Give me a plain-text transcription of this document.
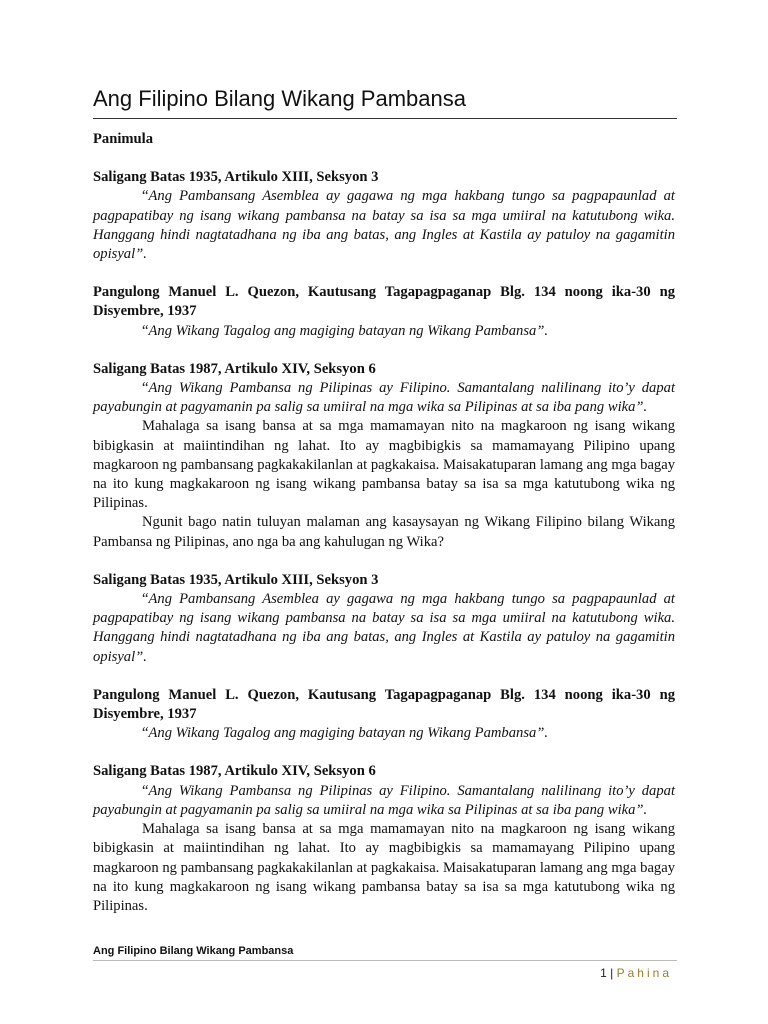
Ang Filipino Bilang Wikang Pambansa
Panimula
Saligang Batas 1935, Artikulo XIII, Seksyon 3
“Ang Pambansang Asemblea ay gagawa ng mga hakbang tungo sa pagpapaunlad at pagpapatibay ng isang wikang pambansa na batay sa isa sa mga umiiral na katutubong wika. Hanggang hindi nagtatadhana ng iba ang batas, ang Ingles at Kastila ay patuloy na gagamitin opisyal”.
Pangulong Manuel L. Quezon, Kautusang Tagapagpaganap Blg. 134 noong ika-30 ng Disyembre, 1937
“Ang Wikang Tagalog ang magiging batayan ng Wikang Pambansa”.
Saligang Batas 1987, Artikulo XIV, Seksyon 6
“Ang Wikang Pambansa ng Pilipinas ay Filipino. Samantalang nalilinang ito’y dapat payabungin at pagyamanin pa salig sa umiiral na mga wika sa Pilipinas at sa iba pang wika”.
Mahalaga sa isang bansa at sa mga mamamayan nito na magkaroon ng isang wikang bibigkasin at maiintindihan ng lahat. Ito ay magbibigkis sa mamamayang Pilipino upang magkaroon ng pambansang pagkakakilanlan at pagkakaisa. Maisakatuparan lamang ang mga bagay na ito kung magkakaroon ng isang wikang pambansa batay sa isa sa mga katutubong wika ng Pilipinas.
Ngunit bago natin tuluyan malaman ang kasaysayan ng Wikang Filipino bilang Wikang Pambansa ng Pilipinas, ano nga ba ang kahulugan ng Wika?
Saligang Batas 1935, Artikulo XIII, Seksyon 3
“Ang Pambansang Asemblea ay gagawa ng mga hakbang tungo sa pagpapaunlad at pagpapatibay ng isang wikang pambansa na batay sa isa sa mga umiiral na katutubong wika. Hanggang hindi nagtatadhana ng iba ang batas, ang Ingles at Kastila ay patuloy na gagamitin opisyal”.
Pangulong Manuel L. Quezon, Kautusang Tagapagpaganap Blg. 134 noong ika-30 ng Disyembre, 1937
“Ang Wikang Tagalog ang magiging batayan ng Wikang Pambansa”.
Saligang Batas 1987, Artikulo XIV, Seksyon 6
“Ang Wikang Pambansa ng Pilipinas ay Filipino. Samantalang nalilinang ito’y dapat payabungin at pagyamanin pa salig sa umiiral na mga wika sa Pilipinas at sa iba pang wika”.
Mahalaga sa isang bansa at sa mga mamamayan nito na magkaroon ng isang wikang bibigkasin at maiintindihan ng lahat. Ito ay magbibigkis sa mamamayang Pilipino upang magkaroon ng pambansang pagkakakilanlan at pagkakaisa. Maisakatuparan lamang ang mga bagay na ito kung magkakaroon ng isang wikang pambansa batay sa isa sa mga katutubong wika ng Pilipinas.
Ang Filipino Bilang Wikang Pambansa
1 | Pahina
